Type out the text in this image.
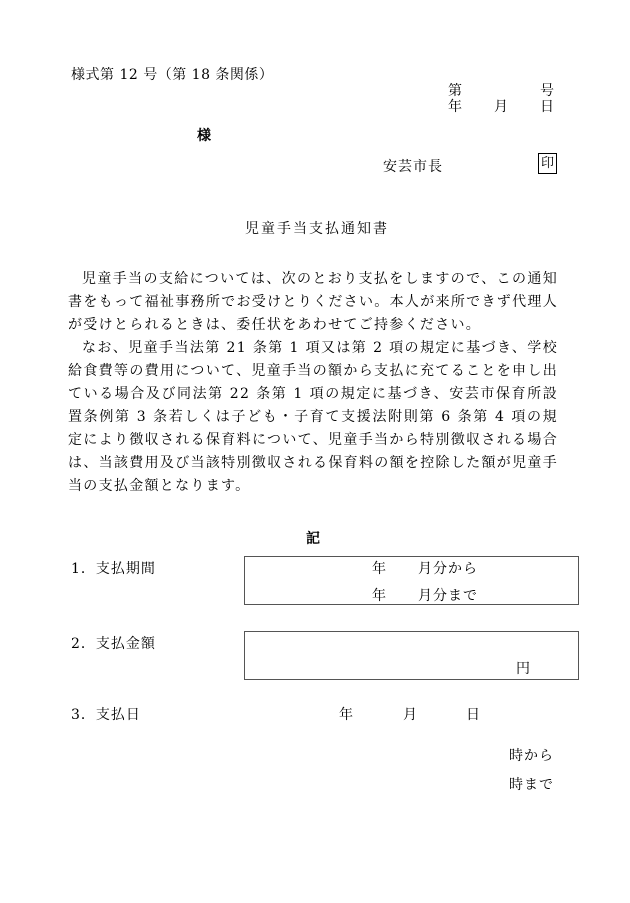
様式第 12 号（第 18 条関係）
第	号
年 月 日
様
安芸市長	印
児童手当支払通知書

児童手当の支給については、次のとおり支払をしますので、この通知書をもって福祉事務所でお受けとりください。本人が来所できず代理人が受けとられるときは、委任状をあわせてご持参ください。

なお、児童手当法第 21 条第 1 項又は第 2 項の規定に基づき、学校給食費等の費用について、児童手当の額から支払に充てることを申し出ている場合及び同法第 22 条第 1 項の規定に基づき、安芸市保育所設置条例第 3 条若しくは子ども・子育て支援法附則第 6 条第 4 項の規定により徴収される保育料について、児童手当から特別徴収される場合は、当該費用及び当該特別徴収される保育料の額を控除した額が児童手当の支払金額となります。

記
1．支払期間	年 月分から
年 月分まで
2．支払金額
円
3．支払日	年	月	日
時から
時まで
